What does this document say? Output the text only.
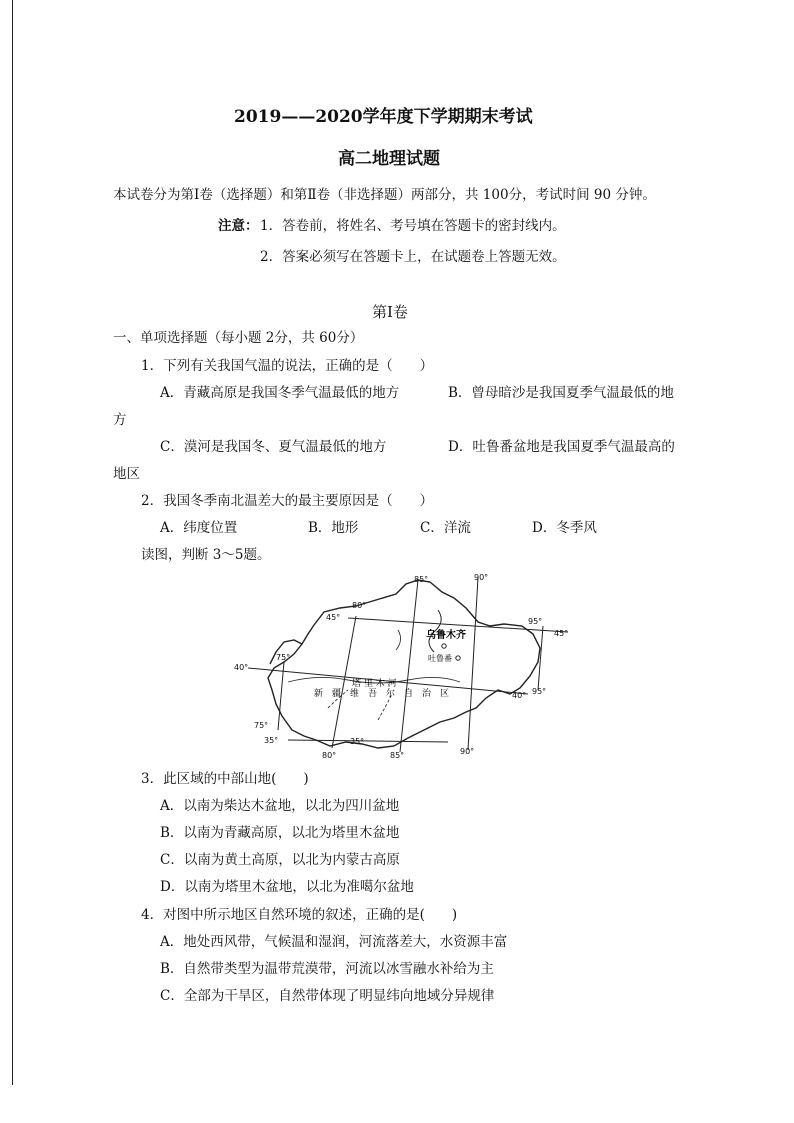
2019——2020学年度下学期期末考试
高二地理试题
本试卷分为第Ⅰ卷（选择题）和第Ⅱ卷（非选择题）两部分，共 100分，考试时间 90 分钟。
注意： 1．答卷前，将姓名、考号填在答题卡的密封线内。
2．答案必须写在答题卡上，在试题卷上答题无效。
第Ⅰ卷
一、单项选择题（每小题 2分，共 60分）
1．下列有关我国气温的说法，正确的是（　　）
A．青藏高原是我国冬季气温最低的地方	B．曾母暗沙是我国夏季气温最低的地
方
C．漠河是我国冬、夏气温最低的地方	D．吐鲁番盆地是我国夏季气温最高的
地区
2．我国冬季南北温差大的最主要原因是（　　）
A．纬度位置	B．地形	C．洋流	D．冬季风
读图，判断 3～5题。
85°	90°
80°
45°	95°
45°
75°
40°
40° 95°
75°
35°	35°
80°	85°	90°
乌鲁木齐
吐鲁番
塔 里 木 河
新　疆　维　吾　尔　自　治　区
3．此区域的中部山地(　　)
A．以南为柴达木盆地，以北为四川盆地
B．以南为青藏高原，以北为塔里木盆地
C．以南为黄土高原，以北为内蒙古高原
D．以南为塔里木盆地，以北为准噶尔盆地
4．对图中所示地区自然环境的叙述，正确的是(　　)
A．地处西风带，气候温和湿润，河流落差大，水资源丰富
B．自然带类型为温带荒漠带，河流以冰雪融水补给为主
C．全部为干旱区，自然带体现了明显纬向地域分异规律
